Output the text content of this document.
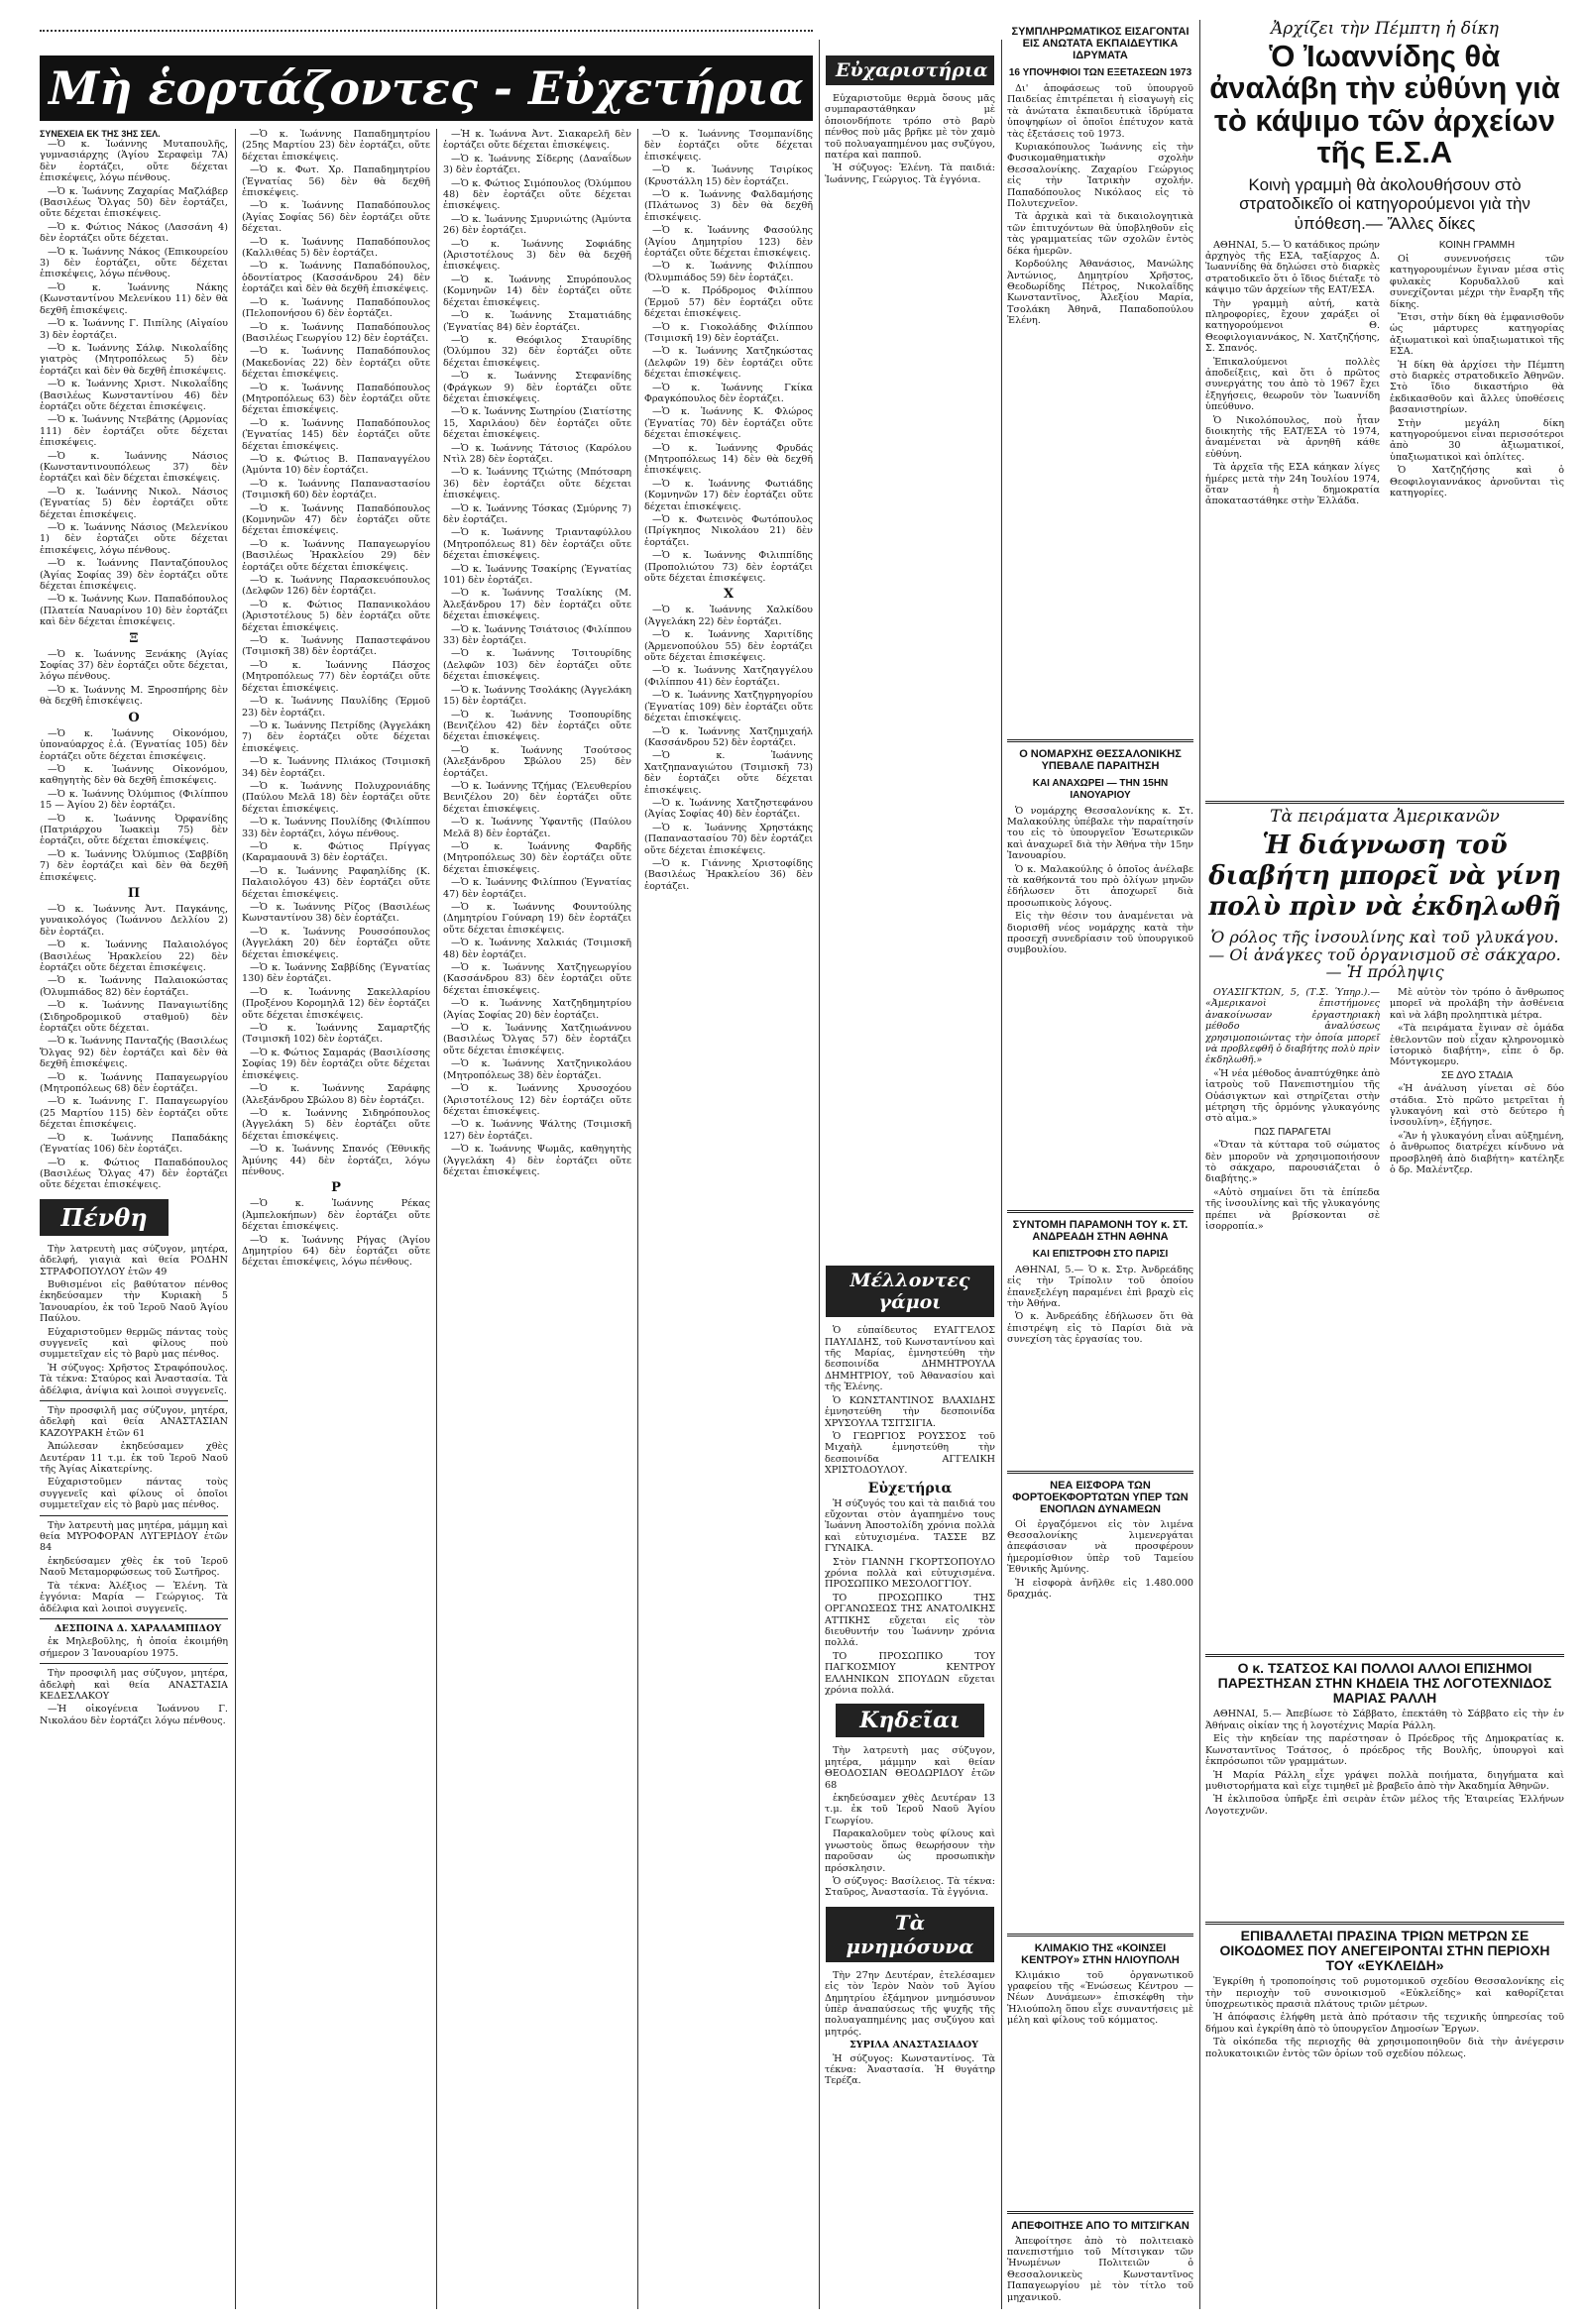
Μὴ ἑορτάζοντες - Εὐχετήρια
ΣΥΝΕΧΕΙΑ ΕΚ ΤΗΣ 3ΗΣ ΣΕΛ.

—Ὁ κ. Ἰωάννης Μυταπουλῆς, γυμνασιάρχης (Ἁγίου Σεραφεὶμ 7Α) δὲν ἑορτάζει, οὔτε δέχεται ἐπισκέψεις, λόγω πένθους.

—Ὁ κ. Ἰωάννης Ζαχαρίας Μαζλάβερ (Βασιλέως Ὄλγας 50) δὲν ἑορτάζει, οὔτε δέχεται ἐπισκέψεις.

—Ὁ κ. Φώτιος Νάκος (Λασσάνη 4) δὲν ἑορτάζει οὔτε δέχεται.

—Ὁ κ. Ἰωάννης Νάκος (Επικουρείου 3) δὲν ἑορτάζει, οὔτε δέχεται ἐπισκέψεις, λόγω πένθους.

—Ὁ κ. Ἰωάννης Νάκης (Κωνσταντίνου Μελενίκου 11) δὲν θὰ δεχθῆ ἐπισκέψεις.

—Ὁ κ. Ἰωάννης Γ. Πιπίλης (Αἰγαίου 3) δὲν ἑορτάζει.

—Ὁ κ. Ἰωάννης Σάλφ. Νικολαΐδης γιατρὸς (Μητροπόλεως 5) δὲν ἑορτάζει καὶ δὲν θὰ δεχθῆ ἐπισκέψεις.

—Ὁ κ. Ἰωάννης Χριστ. Νικολαΐδης (Βασιλέως Κωνσταντίνου 46) δὲν ἑορτάζει οὔτε δέχεται ἐπισκέψεις.

—Ὁ κ. Ἰωάννης Ντεβάτης (Αρμονίας 111) δὲν ἑορτάζει οὔτε δέχεται ἐπισκέψεις.

—Ὁ κ. Ἰωάννης Νάσιος (Κωνσταντινουπόλεως 37) δὲν ἑορτάζει καὶ δὲν δέχεται ἐπισκέψεις.

—Ὁ κ. Ἰωάννης Νικολ. Νάσιος (Ἐγνατίας 5) δὲν ἑορτάζει οὔτε δέχεται ἐπισκέψεις.

—Ὁ κ. Ἰωάννης Νάσιος (Μελενίκου 1) δὲν ἑορτάζει οὔτε δέχεται ἐπισκέψεις, λόγω πένθους.

—Ὁ κ. Ἰωάννης Πανταζόπουλος (Ἀγίας Σοφίας 39) δὲν ἑορτάζει οὔτε δέχεται ἐπισκέψεις.

—Ὁ κ. Ἰωάννης Κων. Παπαδόπουλος (Πλατεία Ναυαρίνου 10) δὲν ἑορτάζει καὶ δὲν δέχεται ἐπισκέψεις.

Ξ

—Ὁ κ. Ἰωάννης Ξενάκης (Ἁγίας Σοφίας 37) δὲν ἑορτάζει οὔτε δέχεται, λόγω πένθους.

—Ὁ κ. Ἰωάννης Μ. Ξηροσπήρης δὲν θὰ δεχθῆ ἐπισκέψεις.

Ο

—Ὁ κ. Ἰωάννης Οἰκονόμου, ὑποναύαρχος ἐ.ἀ. (Ἐγνατίας 105) δὲν ἑορτάζει οὔτε δέχεται ἐπισκέψεις.

—Ὁ κ. Ἰωάννης Οἰκονόμου, καθηγητὴς δὲν θὰ δεχθῆ ἐπισκέψεις.

—Ὁ κ. Ἰωάννης Ὀλύμπιος (Φιλίππου 15 — Ἀγίου 2) δὲν ἑορτάζει.

—Ὁ κ. Ἰωάννης Ὀρφανίδης (Πατριάρχου Ἰωακεὶμ 75) δὲν ἑορτάζει, οὔτε δέχεται ἐπισκέψεις.

—Ὁ κ. Ἰωάννης Ὀλύμπιος (Σαββίδη 7) δὲν ἑορτάζει καὶ δὲν θὰ δεχθῆ ἐπισκέψεις.

Π

—Ὁ κ. Ἰωάννης Ἀντ. Παγκάνης, γυναικολόγος (Ἰωάννου Δελλίου 2) δὲν ἑορτάζει.

—Ὁ κ. Ἰωάννης Παλαιολόγος (Βασιλέως Ἡρακλείου 22) δὲν ἑορτάζει οὔτε δέχεται ἐπισκέψεις.

—Ὁ κ. Ἰωάννης Παλαιοκώστας (Ὀλυμπιάδος 82) δὲν ἑορτάζει.

—Ὁ κ. Ἰωάννης Παναγιωτίδης (Σιδηροδρομικοῦ σταθμοῦ) δὲν ἑορτάζει οὔτε δέχεται.

—Ὁ κ. Ἰωάννης Πανταζής (Βασιλέως Ὄλγας 92) δὲν ἑορτάζει καὶ δὲν θὰ δεχθῆ ἐπισκέψεις.

—Ὁ κ. Ἰωάννης Παπαγεωργίου (Μητροπόλεως 68) δὲν ἑορτάζει.

—Ὁ κ. Ἰωάννης Γ. Παπαγεωργίου (25 Μαρτίου 115) δὲν ἑορτάζει οὔτε δέχεται ἐπισκέψεις.

—Ὁ κ. Ἰωάννης Παπαδάκης (Ἐγνατίας 106) δὲν ἑορτάζει.

—Ὁ κ. Φώτιος Παπαδόπουλος (Βασιλέως Ὄλγας 47) δὲν ἑορτάζει οὔτε δέχεται ἐπισκέψεις.

Πένθη

Τὴν λατρευτὴ μας σύζυγον, μητέρα, ἀδελφή, γιαγιὰ καὶ θεία ΡΟΔΗΝ ΣΤΡΑΦΟΠΟΥΛΟΥ ἐτῶν 49

Βυθισμένοι εἰς βαθύτατον πένθος ἐκηδεύσαμεν τὴν Κυριακὴ 5 Ἰανουαρίου, ἐκ τοῦ Ἱεροῦ Ναοῦ Ἁγίου Παύλου.

Εὐχαριστοῦμεν θερμῶς πάντας τοὺς συγγενεῖς καὶ φίλους ποὺ συμμετεῖχαν εἰς τὸ βαρὺ μας πένθος.

Ἡ σύζυγος: Χρῆστος Στραφόπουλος. Τὰ τέκνα: Σταύρος καὶ Ἀναστασία. Τὰ ἀδέλφια, ἀνίψια καὶ λοιποὶ συγγενεῖς.

Τὴν προσφιλῆ μας σύζυγον, μητέρα, ἀδελφὴ καὶ θεία ΑΝΑΣΤΑΣΙΑΝ ΚΑΖΟΥΡΑΚΗ ἐτῶν 61

Ἀπώλεσαν ἐκηδεύσαμεν χθὲς Δευτέραν 11 τ.μ. ἐκ τοῦ Ἱεροῦ Ναοῦ τῆς Ἁγίας Αἰκατερίνης.

Εὐχαριστοῦμεν πάντας τοὺς συγγενεῖς καὶ φίλους οἱ ὁποῖοι συμμετεῖχαν εἰς τὸ βαρὺ μας πένθος.

Τὴν λατρευτὴ μας μητέρα, μάμμη καὶ θεία ΜΥΡΟΦΟΡΑΝ ΛΥΓΕΡΙΔΟΥ ἐτῶν 84

ἐκηδεύσαμεν χθὲς ἐκ τοῦ Ἱεροῦ Ναοῦ Μεταμορφώσεως τοῦ Σωτῆρος.

Τὰ τέκνα: Ἀλέξιος — Ἑλένη. Τὰ ἐγγόνια: Μαρία — Γεώργιος. Τὰ ἀδέλφια καὶ λοιποὶ συγγενεῖς.

ΔΕΣΠΟΙΝΑ Δ. ΧΑΡΑΛΑΜΠΙΔΟΥ

ἐκ Μηλεβοῦλης, ἡ ὁποία ἐκοιμήθη σήμερον 3 Ἰανουαρίου 1975.

Τὴν προσφιλῆ μας σύζυγον, μητέρα, ἀδελφὴ καὶ θεία ΑΝΑΣΤΑΣΙΑ ΚΕΔΕΣΛΑΚΟΥ

—Ἡ οἰκογένεια Ἰωάννου Γ. Νικολάου δὲν ἑορτάζει λόγω πένθους.

—Ὁ κ. Ἰωάννης Παπαδημητρίου (25ης Μαρτίου 23) δὲν ἑορτάζει, οὔτε δέχεται ἐπισκέψεις.

—Ὁ κ. Φωτ. Χρ. Παπαδημητρίου (Ἐγνατίας 56) δὲν θὰ δεχθῆ ἐπισκέψεις.

—Ὁ κ. Ἰωάννης Παπαδόπουλος (Ἁγίας Σοφίας 56) δὲν ἑορτάζει οὔτε δέχεται.

—Ὁ κ. Ἰωάννης Παπαδόπουλος (Καλλιθέας 5) δὲν ἑορτάζει.

—Ὁ κ. Ἰωάννης Παπαδόπουλος, ὁδοντίατρος (Κασσάνδρου 24) δὲν ἑορτάζει καὶ δὲν θὰ δεχθῆ ἐπισκέψεις.

—Ὁ κ. Ἰωάννης Παπαδόπουλος (Πελοπονήσου 6) δὲν ἑορτάζει.

—Ὁ κ. Ἰωάννης Παπαδόπουλος (Βασιλέως Γεωργίου 12) δὲν ἑορτάζει.

—Ὁ κ. Ἰωάννης Παπαδόπουλος (Μακεδονίας 22) δὲν ἑορτάζει οὔτε δέχεται ἐπισκέψεις.

—Ὁ κ. Ἰωάννης Παπαδόπουλος (Μητροπόλεως 63) δὲν ἑορτάζει οὔτε δέχεται ἐπισκέψεις.

—Ὁ κ. Ἰωάννης Παπαδόπουλος (Ἐγνατίας 145) δὲν ἑορτάζει οὔτε δέχεται ἐπισκέψεις.

—Ὁ κ. Φώτιος Β. Παπαναγγέλου (Ἀμύντα 10) δὲν ἑορτάζει.

—Ὁ κ. Ἰωάννης Παπαναστασίου (Τσιμισκῆ 60) δὲν ἑορτάζει.

—Ὁ κ. Ἰωάννης Παπαδόπουλος (Κομνηνῶν 47) δὲν ἑορτάζει οὔτε δέχεται ἐπισκέψεις.

—Ὁ κ. Ἰωάννης Παπαγεωργίου (Βασιλέως Ἡρακλείου 29) δὲν ἑορτάζει οὔτε δέχεται ἐπισκέψεις.

—Ὁ κ. Ἰωάννης Παρασκευόπουλος (Δελφῶν 126) δὲν ἑορτάζει.

—Ὁ κ. Φώτιος Παπανικολάου (Ἀριστοτέλους 5) δὲν ἑορτάζει οὔτε δέχεται ἐπισκέψεις.

—Ὁ κ. Ἰωάννης Παπαστεφάνου (Τσιμισκῆ 38) δὲν ἑορτάζει.

—Ὁ κ. Ἰωάννης Πάσχος (Μητροπόλεως 77) δὲν ἑορτάζει οὔτε δέχεται ἐπισκέψεις.

—Ὁ κ. Ἰωάννης Παυλίδης (Ἑρμοῦ 23) δὲν ἑορτάζει.

—Ὁ κ. Ἰωάννης Πετρίδης (Ἀγγελάκη 7) δὲν ἑορτάζει οὔτε δέχεται ἐπισκέψεις.

—Ὁ κ. Ἰωάννης Πλιάκος (Τσιμισκῆ 34) δὲν ἑορτάζει.

—Ὁ κ. Ἰωάννης Πολυχρονιάδης (Παύλου Μελᾶ 18) δὲν ἑορτάζει οὔτε δέχεται ἐπισκέψεις.

—Ὁ κ. Ἰωάννης Πουλίδης (Φιλίππου 33) δὲν ἑορτάζει, λόγω πένθους.

—Ὁ κ. Φώτιος Πρίγγας (Καραμαουνᾶ 3) δὲν ἑορτάζει.

—Ὁ κ. Ἰωάννης Ραφαηλίδης (Κ. Παλαιολόγου 43) δὲν ἑορτάζει οὔτε δέχεται ἐπισκέψεις.

—Ὁ κ. Ἰωάννης Ρίζος (Βασιλέως Κωνσταντίνου 38) δὲν ἑορτάζει.

—Ὁ κ. Ἰωάννης Ρουσσόπουλος (Ἀγγελάκη 20) δὲν ἑορτάζει οὔτε δέχεται ἐπισκέψεις.

—Ὁ κ. Ἰωάννης Σαββίδης (Ἐγνατίας 130) δὲν ἑορτάζει.

—Ὁ κ. Ἰωάννης Σακελλαρίου (Προξένου Κορομηλᾶ 12) δὲν ἑορτάζει οὔτε δέχεται ἐπισκέψεις.

—Ὁ κ. Ἰωάννης Σαμαρτζής (Τσιμισκῆ 102) δὲν ἑορτάζει.

—Ὁ κ. Φώτιος Σαμαράς (Βασιλίσσης Σοφίας 19) δὲν ἑορτάζει οὔτε δέχεται ἐπισκέψεις.

—Ὁ κ. Ἰωάννης Σαράφης (Ἀλεξάνδρου Σβώλου 8) δὲν ἑορτάζει.

—Ὁ κ. Ἰωάννης Σιδηρόπουλος (Ἀγγελάκη 5) δὲν ἑορτάζει οὔτε δέχεται ἐπισκέψεις.

—Ὁ κ. Ἰωάννης Σπανός (Ἐθνικῆς Ἀμύνης 44) δὲν ἑορτάζει, λόγω πένθους.

Ρ

—Ὁ κ. Ἰωάννης Ρέκας (Ἀμπελοκήπων) δὲν ἑορτάζει οὔτε δέχεται ἐπισκέψεις.

—Ὁ κ. Ἰωάννης Ρήγας (Ἁγίου Δημητρίου 64) δὲν ἑορτάζει οὔτε δέχεται ἐπισκέψεις, λόγω πένθους.

—Ἡ κ. Ἰωάννα Ἀντ. Σιακαρελῆ δὲν ἑορτάζει οὔτε δέχεται ἐπισκέψεις.

—Ὁ κ. Ἰωάννης Σίδερης (Δαναΐδων 3) δὲν ἑορτάζει.

—Ὁ κ. Φώτιος Σιμόπουλος (Ὀλύμπου 48) δὲν ἑορτάζει οὔτε δέχεται ἐπισκέψεις.

—Ὁ κ. Ἰωάννης Σμυρνιώτης (Ἀμύντα 26) δὲν ἑορτάζει.

—Ὁ κ. Ἰωάννης Σοφιάδης (Ἀριστοτέλους 3) δὲν θὰ δεχθῆ ἐπισκέψεις.

—Ὁ κ. Ἰωάννης Σπυρόπουλος (Κομνηνῶν 14) δὲν ἑορτάζει οὔτε δέχεται ἐπισκέψεις.

—Ὁ κ. Ἰωάννης Σταματιάδης (Ἐγνατίας 84) δὲν ἑορτάζει.

—Ὁ κ. Θεόφιλος Σταυρίδης (Ὀλύμπου 32) δὲν ἑορτάζει οὔτε δέχεται ἐπισκέψεις.

—Ὁ κ. Ἰωάννης Στεφανίδης (Φράγκων 9) δὲν ἑορτάζει οὔτε δέχεται ἐπισκέψεις.

—Ὁ κ. Ἰωάννης Σωτηρίου (Σιατίστης 15, Χαριλάου) δὲν ἑορτάζει οὔτε δέχεται ἐπισκέψεις.

—Ὁ κ. Ἰωάννης Τάτσιος (Καρόλου Ντὶλ 28) δὲν ἑορτάζει.

—Ὁ κ. Ἰωάννης Τζιώτης (Μπότσαρη 36) δὲν ἑορτάζει οὔτε δέχεται ἐπισκέψεις.

—Ὁ κ. Ἰωάννης Τόσκας (Σμύρνης 7) δὲν ἑορτάζει.

—Ὁ κ. Ἰωάννης Τριανταφύλλου (Μητροπόλεως 81) δὲν ἑορτάζει οὔτε δέχεται ἐπισκέψεις.

—Ὁ κ. Ἰωάννης Τσακίρης (Ἐγνατίας 101) δὲν ἑορτάζει.

—Ὁ κ. Ἰωάννης Τσαλίκης (Μ. Ἀλεξάνδρου 17) δὲν ἑορτάζει οὔτε δέχεται ἐπισκέψεις.

—Ὁ κ. Ἰωάννης Τσιάτσιος (Φιλίππου 33) δὲν ἑορτάζει.

—Ὁ κ. Ἰωάννης Τσιτουρίδης (Δελφῶν 103) δὲν ἑορτάζει οὔτε δέχεται ἐπισκέψεις.

—Ὁ κ. Ἰωάννης Τσολάκης (Ἀγγελάκη 15) δὲν ἑορτάζει.

—Ὁ κ. Ἰωάννης Τσοπουρίδης (Βενιζέλου 42) δὲν ἑορτάζει οὔτε δέχεται ἐπισκέψεις.

—Ὁ κ. Ἰωάννης Τσούτσος (Ἀλεξάνδρου Σβώλου 25) δὲν ἑορτάζει.

—Ὁ κ. Ἰωάννης Τζήμας (Ἐλευθερίου Βενιζέλου 20) δὲν ἑορτάζει οὔτε δέχεται ἐπισκέψεις.

—Ὁ κ. Ἰωάννης Ὑφαντῆς (Παύλου Μελᾶ 8) δὲν ἑορτάζει.

—Ὁ κ. Ἰωάννης Φαρδῆς (Μητροπόλεως 30) δὲν ἑορτάζει οὔτε δέχεται ἐπισκέψεις.

—Ὁ κ. Ἰωάννης Φιλίππου (Ἐγνατίας 47) δὲν ἑορτάζει.

—Ὁ κ. Ἰωάννης Φουντούλης (Δημητρίου Γούναρη 19) δὲν ἑορτάζει οὔτε δέχεται ἐπισκέψεις.

—Ὁ κ. Ἰωάννης Χαλκιάς (Τσιμισκῆ 48) δὲν ἑορτάζει.

—Ὁ κ. Ἰωάννης Χατζηγεωργίου (Κασσάνδρου 83) δὲν ἑορτάζει οὔτε δέχεται ἐπισκέψεις.

—Ὁ κ. Ἰωάννης Χατζηδημητρίου (Ἁγίας Σοφίας 20) δὲν ἑορτάζει.

—Ὁ κ. Ἰωάννης Χατζηιωάννου (Βασιλέως Ὄλγας 57) δὲν ἑορτάζει οὔτε δέχεται ἐπισκέψεις.

—Ὁ κ. Ἰωάννης Χατζηνικολάου (Μητροπόλεως 38) δὲν ἑορτάζει.

—Ὁ κ. Ἰωάννης Χρυσοχόου (Ἀριστοτέλους 12) δὲν ἑορτάζει οὔτε δέχεται ἐπισκέψεις.

—Ὁ κ. Ἰωάννης Ψάλτης (Τσιμισκῆ 127) δὲν ἑορτάζει.

—Ὁ κ. Ἰωάννης Ψωμᾶς, καθηγητὴς (Ἀγγελάκη 4) δὲν ἑορτάζει οὔτε δέχεται ἐπισκέψεις.

—Ὁ κ. Ἰωάννης Τσομπανίδης δὲν ἑορτάζει οὔτε δέχεται ἐπισκέψεις.

—Ὁ κ. Ἰωάννης Τσιρίκος (Κρυστάλλη 15) δὲν ἑορτάζει.

—Ὁ κ. Ἰωάννης Φαλδαμήσης (Πλάτωνος 3) δὲν θὰ δεχθῆ ἐπισκέψεις.

—Ὁ κ. Ἰωάννης Φασούλης (Ἀγίου Δημητρίου 123) δὲν ἑορτάζει οὔτε δέχεται ἐπισκέψεις.

—Ὁ κ. Ἰωάννης Φιλίππου (Ὀλυμπιάδος 59) δὲν ἑορτάζει.

—Ὁ κ. Πρόδρομος Φιλίππου (Ἑρμοῦ 57) δὲν ἑορτάζει οὔτε δέχεται ἐπισκέψεις.

—Ὁ κ. Γιοκολάδης Φιλίππου (Τσιμισκῆ 19) δὲν ἑορτάζει.

—Ὁ κ. Ἰωάννης Χατζηκώστας (Δελφῶν 19) δὲν ἑορτάζει οὔτε δέχεται ἐπισκέψεις.

—Ὁ κ. Ἰωάννης Γκίκα Φραγκόπουλος δὲν ἑορτάζει.

—Ὁ κ. Ἰωάννης Κ. Φλώρος (Ἐγνατίας 70) δὲν ἑορτάζει οὔτε δέχεται ἐπισκέψεις.

—Ὁ κ. Ἰωάννης Φρυδάς (Μητροπόλεως 14) δὲν θὰ δεχθῆ ἐπισκέψεις.

—Ὁ κ. Ἰωάννης Φωτιάδης (Κομνηνῶν 17) δὲν ἑορτάζει οὔτε δέχεται ἐπισκέψεις.

—Ὁ κ. Φωτεινὸς Φωτόπουλος (Πρίγκηπος Νικολάου 21) δὲν ἑορτάζει.

—Ὁ κ. Ἰωάννης Φιλιππίδης (Προπολιώτου 73) δὲν ἑορτάζει οὔτε δέχεται ἐπισκέψεις.

Χ

—Ὁ κ. Ἰωάννης Χαλκίδου (Ἀγγελάκη 22) δὲν ἑορτάζει.

—Ὁ κ. Ἰωάννης Χαριτίδης (Ἀρμενοπούλου 55) δὲν ἑορτάζει οὔτε δέχεται ἐπισκέψεις.

—Ὁ κ. Ἰωάννης Χατζηαγγέλου (Φιλίππου 41) δὲν ἑορτάζει.

—Ὁ κ. Ἰωάννης Χατζηγρηγορίου (Ἐγνατίας 109) δὲν ἑορτάζει οὔτε δέχεται ἐπισκέψεις.

—Ὁ κ. Ἰωάννης Χατζημιχαήλ (Κασσάνδρου 52) δὲν ἑορτάζει.

—Ὁ κ. Ἰωάννης Χατζηπαναγιώτου (Τσιμισκῆ 73) δὲν ἑορτάζει οὔτε δέχεται ἐπισκέψεις.

—Ὁ κ. Ἰωάννης Χατζηστεφάνου (Ἀγίας Σοφίας 40) δὲν ἑορτάζει.

—Ὁ κ. Ἰωάννης Χρηστάκης (Παπαναστασίου 70) δὲν ἑορτάζει οὔτε δέχεται ἐπισκέψεις.

—Ὁ κ. Γιάννης Χριστοφίδης (Βασιλέως Ἡρακλείου 36) δὲν ἑορτάζει.

Εὐχαριστήρια

Εὐχαριστοῦμε θερμὰ ὅσους μᾶς συμπαραστάθηκαν μὲ ὁποιονδήποτε τρόπο στὸ βαρὺ πένθος ποὺ μᾶς βρῆκε μὲ τὸν χαμὸ τοῦ πολυαγαπημένου μας συζύγου, πατέρα καὶ παπποῦ.

Ἡ σύζυγος: Ἑλένη. Τὰ παιδιά: Ἰωάννης, Γεώργιος. Τὰ ἐγγόνια.

Μέλλοντες γάμοι

Ὁ εὐπαίδευτος ΕΥΑΓΓΕΛΟΣ ΠΑΥΛΙΔΗΣ, τοῦ Κωνσταντίνου καὶ τῆς Μαρίας, ἐμνηστεύθη τὴν δεσποινίδα ΔΗΜΗΤΡΟΥΛΑ ΔΗΜΗΤΡΙΟΥ, τοῦ Ἀθανασίου καὶ τῆς Ἑλένης.

Ὁ ΚΩΝΣΤΑΝΤΙΝΟΣ ΒΛΑΧΙΔΗΣ ἐμνηστεύθη τὴν δεσποινίδα ΧΡΥΣΟΥΛΑ ΤΣΙΤΣΙΓΙΑ.

Ὁ ΓΕΩΡΓΙΟΣ ΡΟΥΣΣΟΣ τοῦ Μιχαὴλ ἐμνηστεύθη τὴν δεσποινίδα ΑΓΓΕΛΙΚΗ ΧΡΙΣΤΟΔΟΥΛΟΥ.

Εὐχετήρια

Ἡ σύζυγός του καὶ τὰ παιδιά του εὔχονται στὸν ἀγαπημένο τους Ἰωάννη Ἀποστολίδη χρόνια πολλὰ καὶ εὐτυχισμένα. ΤΑΣΣΕ ΒΖ ΓΥΝΑΙΚΑ.

Στὸν ΓΙΑΝΝΗ ΓΚΟΡΤΣΟΠΟΥΛΟ χρόνια πολλὰ καὶ εὐτυχισμένα. ΠΡΟΣΩΠΙΚΟ ΜΕΣΟΛΟΓΓΙΟΥ.

ΤΟ ΠΡΟΣΩΠΙΚΟ ΤΗΣ ΟΡΓΑΝΩΣΕΩΣ ΤΗΣ ΑΝΑΤΟΛΙΚΗΣ ΑΤΤΙΚΗΣ εὔχεται εἰς τὸν διευθυντήν του Ἰωάννην χρόνια πολλά.

ΤΟ ΠΡΟΣΩΠΙΚΟ ΤΟΥ ΠΑΓΚΟΣΜΙΟΥ ΚΕΝΤΡΟΥ ΕΛΛΗΝΙΚΩΝ ΣΠΟΥΔΩΝ εὔχεται χρόνια πολλά.

Κηδεῖαι

Τὴν λατρευτὴ μας σύζυγον, μητέρα, μάμμην καὶ θείαν ΘΕΟΔΟΣΙΑΝ ΘΕΟΔΩΡΙΔΟΥ ἐτῶν 68

ἐκηδεύσαμεν χθὲς Δευτέραν 13 τ.μ. ἐκ τοῦ Ἱεροῦ Ναοῦ Ἁγίου Γεωργίου.

Παρακαλοῦμεν τοὺς φίλους καὶ γνωστοὺς ὅπως θεωρήσουν τὴν παροῦσαν ὡς προσωπικὴν πρόσκλησιν.

Ὁ σύζυγος: Βασίλειος. Τὰ τέκνα: Σταῦρος, Ἀναστασία. Τὰ ἐγγόνια.

Τὰ μνημόσυνα

Τὴν 27ην Δευτέραν, ἐτελέσαμεν εἰς τὸν Ἱερὸν Ναὸν τοῦ Ἁγίου Δημητρίου ἑξάμηνον μνημόσυνον ὑπὲρ ἀναπαύσεως τῆς ψυχῆς τῆς πολυαγαπημένης μας συζύγου καὶ μητρός.

ΣΥΡΙΛΑ ΑΝΑΣΤΑΣΙΑΔΟΥ

Ἡ σύζυγος: Κωνσταντίνος. Τὰ τέκνα: Ἀναστασία. Ἡ θυγάτηρ Τερέζα.

ΣΥΜΠΛΗΡΩΜΑΤΙΚΟΣ ΕΙΣΑΓΟΝΤΑΙ ΕΙΣ ΑΝΩΤΑΤΑ ΕΚΠΑΙΔΕΥΤΙΚΑ ΙΔΡΥΜΑΤΑ
16 ΥΠΟΨΗΦΙΟΙ ΤΩΝ ΕΞΕΤΑΣΕΩΝ 1973

Δι' ἀποφάσεως τοῦ ὑπουργοῦ Παιδείας ἐπιτρέπεται ἡ εἰσαγωγὴ εἰς τὰ ἀνώτατα ἐκπαιδευτικὰ ἱδρύματα ὑποψηφίων οἱ ὁποῖοι ἐπέτυχον κατὰ τὰς ἐξετάσεις τοῦ 1973.

Κυριακόπουλος Ἰωάννης εἰς τὴν Φυσικομαθηματικὴν σχολὴν Θεσσαλονίκης. Ζαχαρίου Γεώργιος εἰς τὴν Ἰατρικὴν σχολήν. Παπαδόπουλος Νικόλαος εἰς τὸ Πολυτεχνεῖον.

Τὰ ἀρχικὰ καὶ τὰ δικαιολογητικὰ τῶν ἐπιτυχόντων θὰ ὑποβληθοῦν εἰς τὰς γραμματείας τῶν σχολῶν ἐντὸς δέκα ἡμερῶν.

Κορδούλης Ἀθανάσιος, Μανώλης Ἀντώνιος, Δημητρίου Χρῆστος, Θεοδωρίδης Πέτρος, Νικολαΐδης Κωνσταντῖνος, Ἀλεξίου Μαρία, Τσολάκη Ἀθηνᾶ, Παπαδοπούλου Ἑλένη.

Ο ΝΟΜΑΡΧΗΣ ΘΕΣΣΑΛΟΝΙΚΗΣ ΥΠΕΒΑΛΕ ΠΑΡΑΙΤΗΣΗ
ΚΑΙ ΑΝΑΧΩΡΕΙ — ΤΗΝ 15ΗΝ ΙΑΝΟΥΑΡΙΟΥ

Ὁ νομάρχης Θεσσαλονίκης κ. Στ. Μαλακούλης ὑπέβαλε τὴν παραίτησίν του εἰς τὸ ὑπουργεῖον Ἐσωτερικῶν καὶ ἀναχωρεῖ διὰ τὴν Ἀθήνα τὴν 15ην Ἰανουαρίου.

Ὁ κ. Μαλακούλης ὁ ὁποῖος ἀνέλαβε τὰ καθήκοντά του πρὸ ὀλίγων μηνῶν ἐδήλωσεν ὅτι ἀποχωρεῖ διὰ προσωπικοὺς λόγους.

Εἰς τὴν θέσιν του ἀναμένεται νὰ διορισθῆ νέος νομάρχης κατὰ τὴν προσεχῆ συνεδρίασιν τοῦ ὑπουργικοῦ συμβουλίου.

ΣΥΝΤΟΜΗ ΠΑΡΑΜΟΝΗ ΤΟΥ κ. ΣΤ. ΑΝΔΡΕΑΔΗ ΣΤΗΝ ΑΘΗΝΑ
ΚΑΙ ΕΠΙΣΤΡΟΦΗ ΣΤΟ ΠΑΡΙΣΙ

ΑΘΗΝΑΙ, 5.— Ὁ κ. Στρ. Ἀνδρεάδης εἰς τὴν Τρίπολιν τοῦ ὁποίου ἐπανεξελέγη παραμένει ἐπὶ βραχὺ εἰς τὴν Ἀθήνα.

Ὁ κ. Ἀνδρεάδης ἐδήλωσεν ὅτι θὰ ἐπιστρέψη εἰς τὸ Παρίσι διὰ νὰ συνεχίση τὰς ἐργασίας του.

ΝΕΑ ΕΙΣΦΟΡΑ ΤΩΝ ΦΟΡΤΟΕΚΦΟΡΤΩΤΩΝ ΥΠΕΡ ΤΩΝ ΕΝΟΠΛΩΝ ΔΥΝΑΜΕΩΝ

Οἱ ἐργαζόμενοι εἰς τὸν λιμένα Θεσσαλονίκης λιμενεργάται ἀπεφάσισαν νὰ προσφέρουν ἡμερομίσθιον ὑπὲρ τοῦ Ταμείου Ἐθνικῆς Ἀμύνης.

Ἡ εἰσφορὰ ἀνῆλθε εἰς 1.480.000 δραχμάς.

ΚΛΙΜΑΚΙΟ ΤΗΣ «ΚΟΙΝΣΕΙ ΚΕΝΤΡΟΥ» ΣΤΗΝ ΗΛΙΟΥΠΟΛΗ

Κλιμάκιο τοῦ ὀργανωτικοῦ γραφείου τῆς «Ἑνώσεως Κέντρου — Νέων Δυνάμεων» ἐπισκέφθη τὴν Ἡλιούπολη ὅπου εἶχε συναντήσεις μὲ μέλη καὶ φίλους τοῦ κόμματος.

ΑΠΕΦΟΙΤΗΣΕ ΑΠΟ ΤΟ ΜΙΤΣΙΓΚΑΝ

Ἀπεφοίτησε ἀπὸ τὸ πολιτειακὸ πανεπιστήμιο τοῦ Μίτσιγκαν τῶν Ἡνωμένων Πολιτειῶν ὁ Θεσσαλονικεὺς Κωνσταντῖνος Παπαγεωργίου μὲ τὸν τίτλο τοῦ μηχανικοῦ.

Ἀρχίζει τὴν Πέμπτη ἡ δίκη
Ὁ Ἰωαννίδης θὰ ἀναλάβη τὴν εὐθύνη γιὰ τὸ κάψιμο τῶν ἀρχείων τῆς Ε.Σ.Α
Κοινὴ γραμμὴ θὰ ἀκολουθήσουν στὸ στρατοδικεῖο οἱ κατηγορούμενοι γιὰ τὴν ὑπόθεση.— Ἄλλες δίκες

ΑΘΗΝΑΙ, 5.— Ὁ κατάδικος πρώην ἀρχηγὸς τῆς ΕΣΑ, ταξίαρχος Δ. Ἰωαννίδης θὰ δηλώσει στὸ διαρκὲς στρατοδικεῖο ὅτι ὁ ἴδιος διέταξε τὸ κάψιμο τῶν ἀρχείων τῆς ΕΑΤ/ΕΣΑ.

Τὴν γραμμὴ αὐτή, κατὰ πληροφορίες, ἔχουν χαράξει οἱ κατηγορούμενοι Θ. Θεοφιλογιαννάκος, Ν. Χατζηζήσης, Σ. Σπανός.

Ἐπικαλούμενοι πολλὲς ἀποδείξεις, καὶ ὅτι ὁ πρῶτος συνεργάτης του ἀπὸ τὸ 1967 ἔχει ἐξηγήσεις, θεωροῦν τὸν Ἰωαννίδη ὑπεύθυνο.

Ὁ Νικολόπουλος, ποὺ ἦταν διοικητὴς τῆς ΕΑΤ/ΕΣΑ τὸ 1974, ἀναμένεται νὰ ἀρνηθῆ κάθε εὐθύνη.

Τὰ ἀρχεῖα τῆς ΕΣΑ κάηκαν λίγες ἡμέρες μετὰ τὴν 24η Ἰουλίου 1974, ὅταν ἡ δημοκρατία ἀποκαταστάθηκε στὴν Ἑλλάδα.

ΚΟΙΝΗ ΓΡΑΜΜΗ

Οἱ συνεννοήσεις τῶν κατηγορουμένων ἔγιναν μέσα στὶς φυλακὲς Κορυδαλλοῦ καὶ συνεχίζονται μέχρι τὴν ἔναρξη τῆς δίκης.

Ἔτσι, στὴν δίκη θὰ ἐμφανισθοῦν ὡς μάρτυρες κατηγορίας ἀξιωματικοὶ καὶ ὑπαξιωματικοὶ τῆς ΕΣΑ.

Ἡ δίκη θὰ ἀρχίσει τὴν Πέμπτη στὸ διαρκὲς στρατοδικεῖο Ἀθηνῶν. Στὸ ἴδιο δικαστήριο θὰ ἐκδικασθοῦν καὶ ἄλλες ὑποθέσεις βασανιστηρίων.

Στὴν μεγάλη δίκη κατηγορούμενοι εἶναι περισσότεροι ἀπὸ 30 ἀξιωματικοί, ὑπαξιωματικοὶ καὶ ὁπλίτες.

Ὁ Χατζηζήσης καὶ ὁ Θεοφιλογιαννάκος ἀρνοῦνται τὶς κατηγορίες.

Τὰ πειράματα Ἀμερικανῶν
Ἡ διάγνωση τοῦ διαβήτη μπορεῖ νὰ γίνη πολὺ πρὶν νὰ ἐκδηλωθῆ
Ὁ ρόλος τῆς ἰνσουλίνης καὶ τοῦ γλυκάγου.— Οἱ ἀνάγκες τοῦ ὀργανισμοῦ σὲ σάκχαρο.— Ἡ πρόληψις

ΟΥΑΣΙΓΚΤΩΝ, 5, (Τ.Σ. Ὑπηρ.).— «Ἀμερικανοὶ ἐπιστήμονες ἀνακοίνωσαν ἐργαστηριακὴ μέθοδο ἀναλύσεως χρησιμοποιώντας τὴν ὁποία μπορεῖ νὰ προβλεφθῆ ὁ διαβήτης πολὺ πρὶν ἐκδηλωθῆ.»

«Ἡ νέα μέθοδος ἀναπτύχθηκε ἀπὸ ἰατροὺς τοῦ Πανεπιστημίου τῆς Οὐάσιγκτων καὶ στηρίζεται στὴν μέτρηση τῆς ὁρμόνης γλυκαγόνης στὸ αἷμα.»

ΠΩΣ ΠΑΡΑΓΕΤΑΙ

«Ὅταν τὰ κύτταρα τοῦ σώματος δὲν μποροῦν νὰ χρησιμοποιήσουν τὸ σάκχαρο, παρουσιάζεται ὁ διαβήτης.»

«Αὐτὸ σημαίνει ὅτι τὰ ἐπίπεδα τῆς ἰνσουλίνης καὶ τῆς γλυκαγόνης πρέπει νὰ βρίσκονται σὲ ἰσορροπία.»

Μὲ αὐτὸν τὸν τρόπο ὁ ἄνθρωπος μπορεῖ νὰ προλάβη τὴν ἀσθένεια καὶ νὰ λάβη προληπτικὰ μέτρα.

«Τὰ πειράματα ἔγιναν σὲ ὁμάδα ἐθελοντῶν ποὺ εἶχαν κληρονομικὸ ἱστορικὸ διαβήτη», εἶπε ὁ δρ. Μόντγκομερυ.

ΣΕ ΔΥΟ ΣΤΑΔΙΑ

«Ἡ ἀνάλυση γίνεται σὲ δύο στάδια. Στὸ πρῶτο μετρεῖται ἡ γλυκαγόνη καὶ στὸ δεύτερο ἡ ἰνσουλίνη», ἐξήγησε.

«Ἂν ἡ γλυκαγόνη εἶναι αὐξημένη, ὁ ἄνθρωπος διατρέχει κίνδυνο νὰ προσβληθῆ ἀπὸ διαβήτη» κατέληξε ὁ δρ. Μαλέντζερ.

Ο κ. ΤΣΑΤΣΟΣ ΚΑΙ ΠΟΛΛΟΙ ΑΛΛΟΙ ΕΠΙΣΗΜΟΙ ΠΑΡΕΣΤΗΣΑΝ ΣΤΗΝ ΚΗΔΕΙΑ ΤΗΣ ΛΟΓΟΤΕΧΝΙΔΟΣ ΜΑΡΙΑΣ ΡΑΛΛΗ

ΑΘΗΝΑΙ, 5.— Ἀπεβίωσε τὸ Σάββατο, ἐπεκτάθη τὸ Σάββατο εἰς τὴν ἐν Ἀθήναις οἰκίαν της ἡ λογοτέχνις Μαρία Ράλλη.

Εἰς τὴν κηδείαν της παρέστησαν ὁ Πρόεδρος τῆς Δημοκρατίας κ. Κωνσταντῖνος Τσάτσος, ὁ πρόεδρος τῆς Βουλῆς, ὑπουργοὶ καὶ ἐκπρόσωποι τῶν γραμμάτων.

Ἡ Μαρία Ράλλη εἶχε γράψει πολλὰ ποιήματα, διηγήματα καὶ μυθιστορήματα καὶ εἶχε τιμηθεῖ μὲ βραβεῖο ἀπὸ τὴν Ἀκαδημία Ἀθηνῶν.

Ἡ ἐκλιποῦσα ὑπῆρξε ἐπὶ σειρὰν ἐτῶν μέλος τῆς Ἑταιρείας Ἑλλήνων Λογοτεχνῶν.

ΕΠΙΒΑΛΛΕΤΑΙ ΠΡΑΣΙΝΑ ΤΡΙΩΝ ΜΕΤΡΩΝ ΣΕ ΟΙΚΟΔΟΜΕΣ ΠΟΥ ΑΝΕΓΕΙΡΟΝΤΑΙ ΣΤΗΝ ΠΕΡΙΟΧΗ ΤΟΥ «ΕΥΚΛΕΙΔΗ»

Ἐγκρίθη ἡ τροποποίησις τοῦ ρυμοτομικοῦ σχεδίου Θεσσαλονίκης εἰς τὴν περιοχὴν τοῦ συνοικισμοῦ «Εὐκλείδης» καὶ καθορίζεται ὑποχρεωτικὸς πρασιὰ πλάτους τριῶν μέτρων.

Ἡ ἀπόφασις ἐλήφθη μετὰ ἀπὸ πρότασιν τῆς τεχνικῆς ὑπηρεσίας τοῦ δήμου καὶ ἐγκρίθη ἀπὸ τὸ ὑπουργεῖον Δημοσίων Ἔργων.

Τὰ οἰκόπεδα τῆς περιοχῆς θὰ χρησιμοποιηθοῦν διὰ τὴν ἀνέγερσιν πολυκατοικιῶν ἐντὸς τῶν ὁρίων τοῦ σχεδίου πόλεως.
